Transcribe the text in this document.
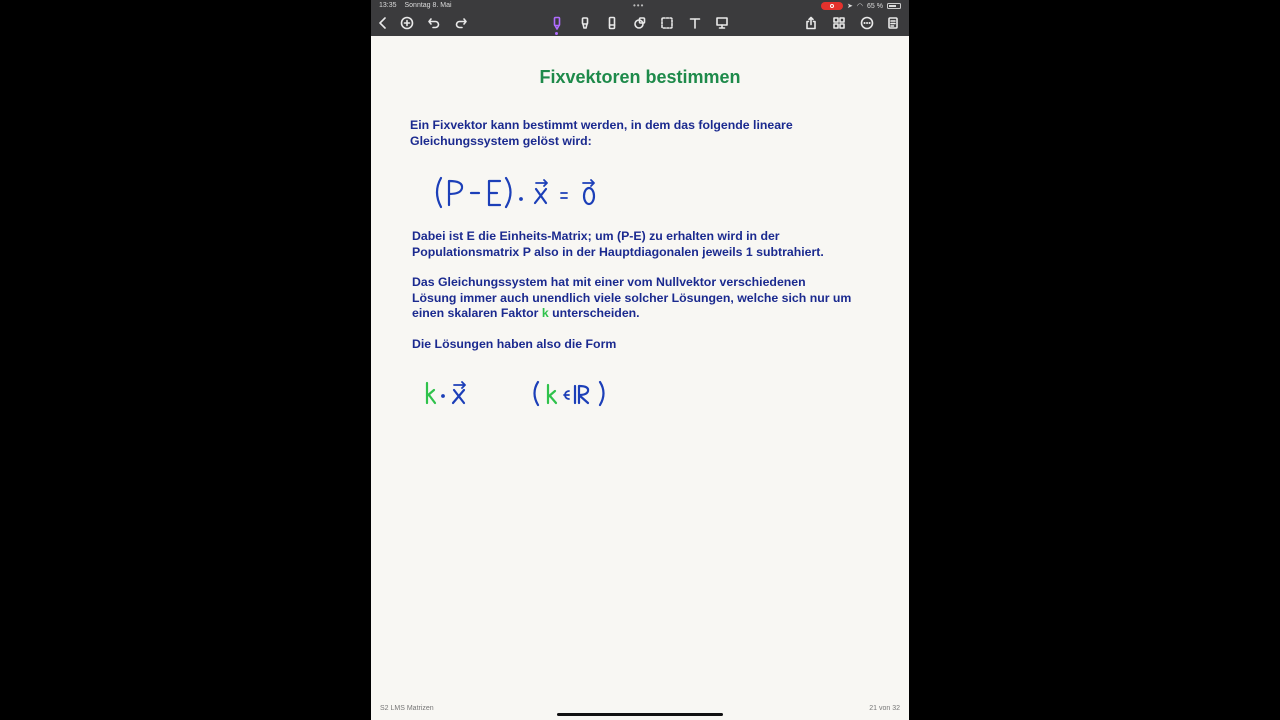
13:35 Sonntag 8. Mai	•••	➤ ◠ 65 %
Fixvektoren bestimmen
Ein Fixvektor kann bestimmt werden, in dem das folgende lineare Gleichungssystem gelöst wird:
Dabei ist E die Einheits-Matrix; um (P-E) zu erhalten wird in der Populationsmatrix P also in der Hauptdiagonalen jeweils 1 subtrahiert.
Das Gleichungssystem hat mit einer vom Nullvektor verschiedenen Lösung immer auch unendlich viele solcher Lösungen, welche sich nur um einen skalaren Faktor k unterscheiden.
Die Lösungen haben also die Form
S2 LMS Matrizen	21 von 32
